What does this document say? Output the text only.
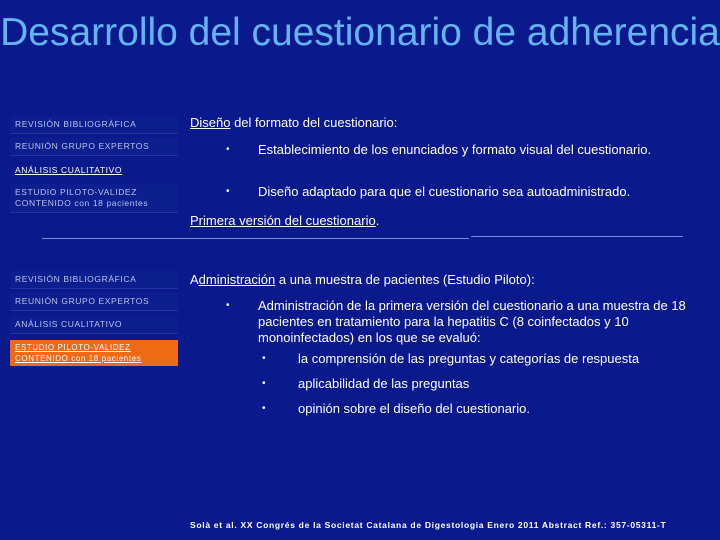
Desarrollo del cuestionario de adherencia
REVISIÓN BIBLIOGRÁFICA
REUNIÓN GRUPO EXPERTOS
ANÁLISIS CUALITATIVO
ESTUDIO PILOTO-VALIDEZ CONTENIDO con 18 pacientes
Diseño del formato del cuestionario:
• Establecimiento de los enunciados y formato visual del cuestionario.
• Diseño adaptado para que el cuestionario sea autoadministrado.
Primera versión del cuestionario.
REVISIÓN BIBLIOGRÁFICA
REUNIÓN GRUPO EXPERTOS
ANÁLISIS CUALITATIVO
ESTUDIO PILOTO-VALIDEZ CONTENIDO con 18 pacientes
Administración a una muestra de pacientes (Estudio Piloto):
• Administración de la primera versión del cuestionario a una muestra de 18 pacientes en tratamiento para la hepatitis C (8 coinfectados y 10 monoinfectados) en los que se evaluó:
• la comprensión de las preguntas y categorías de respuesta
• aplicabilidad de las preguntas
• opinión sobre el diseño del cuestionario.
Solà et al. XX Congrés de la Societat Catalana de Digestologia Enero 2011 Abstract Ref.: 357-05311-T
